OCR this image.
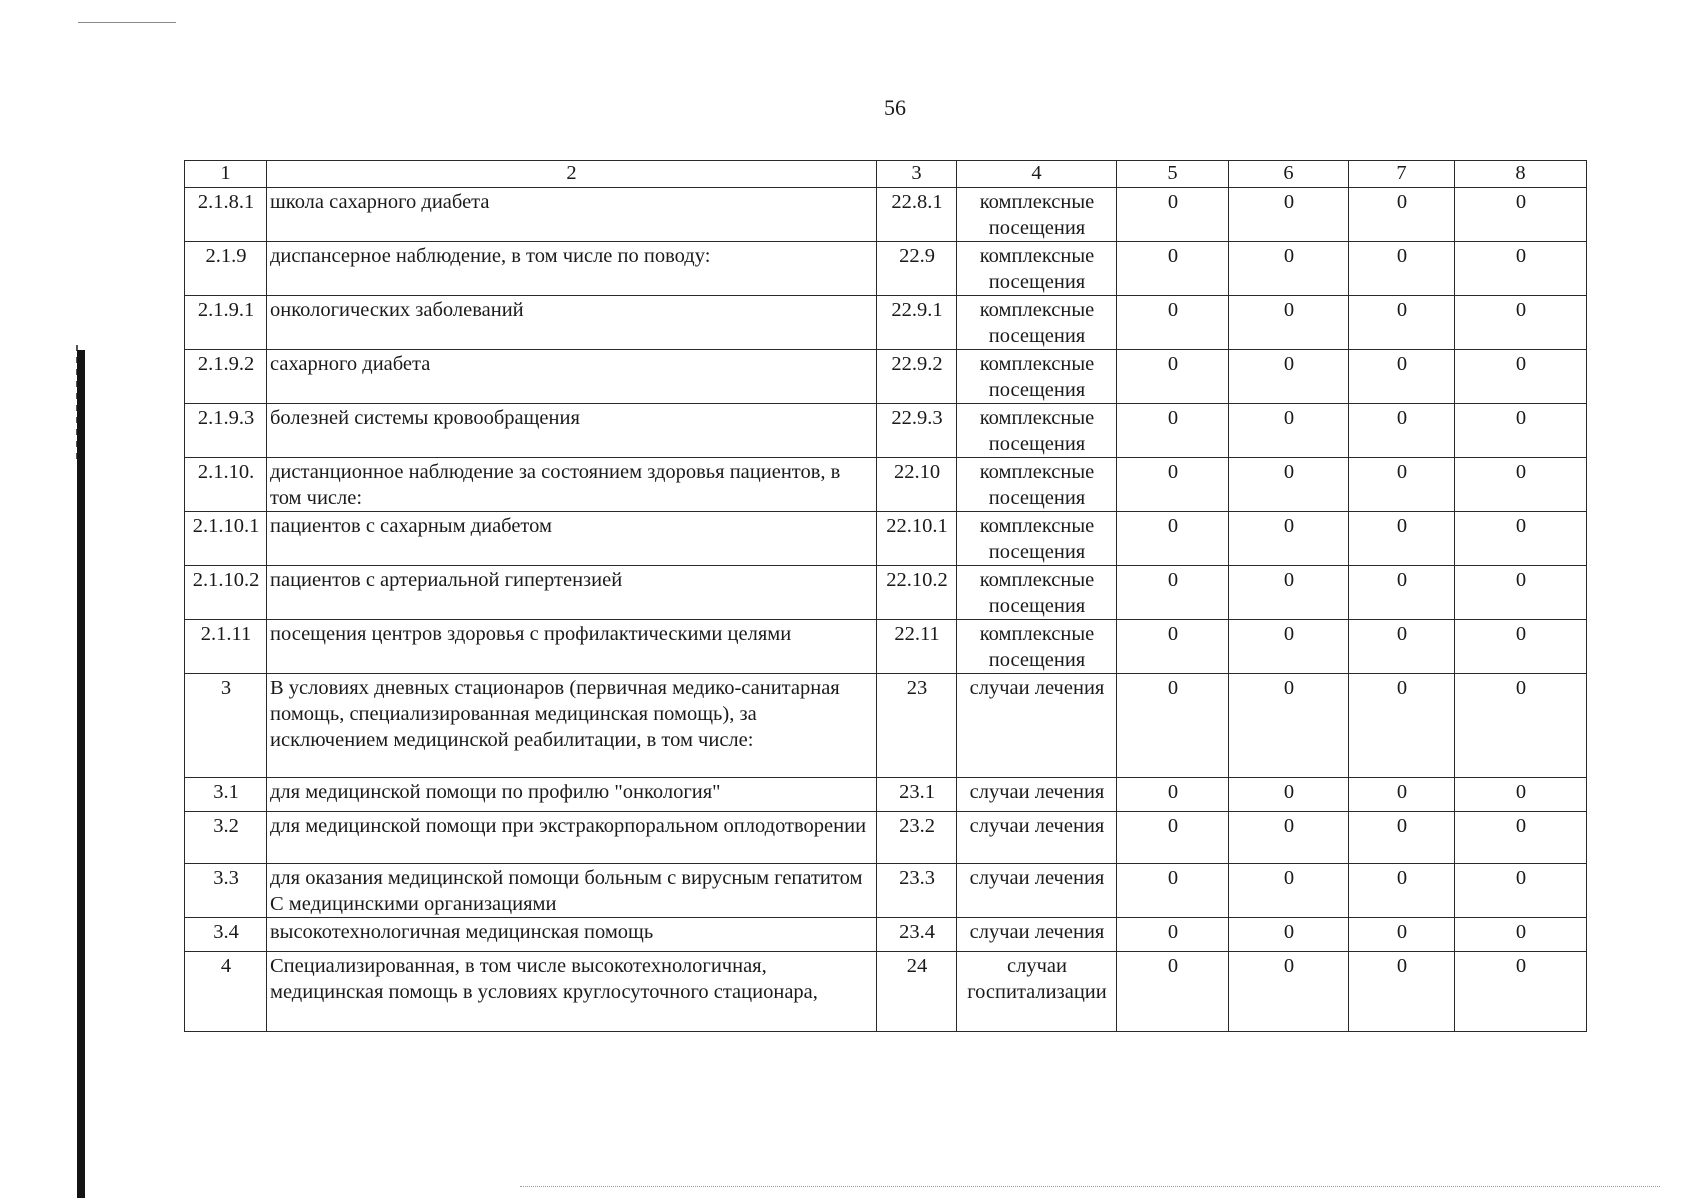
56
1	2	3	4	5	6	7	8
2.1.8.1	школа сахарного диабета	22.8.1	комплексные посещения	0	0	0	0
2.1.9	диспансерное наблюдение, в том числе по поводу:	22.9	комплексные посещения	0	0	0	0
2.1.9.1	онкологических заболеваний	22.9.1	комплексные посещения	0	0	0	0
2.1.9.2	сахарного диабета	22.9.2	комплексные посещения	0	0	0	0
2.1.9.3	болезней системы кровообращения	22.9.3	комплексные посещения	0	0	0	0
2.1.10.	дистанционное наблюдение за состоянием здоровья пациентов, в том числе:	22.10	комплексные посещения	0	0	0	0
2.1.10.1	пациентов с сахарным диабетом	22.10.1	комплексные посещения	0	0	0	0
2.1.10.2	пациентов с артериальной гипертензией	22.10.2	комплексные посещения	0	0	0	0
2.1.11	посещения центров здоровья с профилактическими целями	22.11	комплексные посещения	0	0	0	0
3	В условиях дневных стационаров (первичная медико-санитарная помощь, специализированная медицинская помощь), за исключением медицинской реабилитации, в том числе:	23	случаи лечения	0	0	0	0
3.1	для медицинской помощи по профилю "онкология"	23.1	случаи лечения	0	0	0	0
3.2	для медицинской помощи при экстракорпоральном оплодотворении	23.2	случаи лечения	0	0	0	0
3.3	для оказания медицинской помощи больным с вирусным гепатитом С медицинскими организациями	23.3	случаи лечения	0	0	0	0
3.4	высокотехнологичная медицинская помощь	23.4	случаи лечения	0	0	0	0
4	Специализированная, в том числе высокотехнологичная, медицинская помощь в условиях круглосуточного стационара,	24	случаи госпитализации	0	0	0	0
